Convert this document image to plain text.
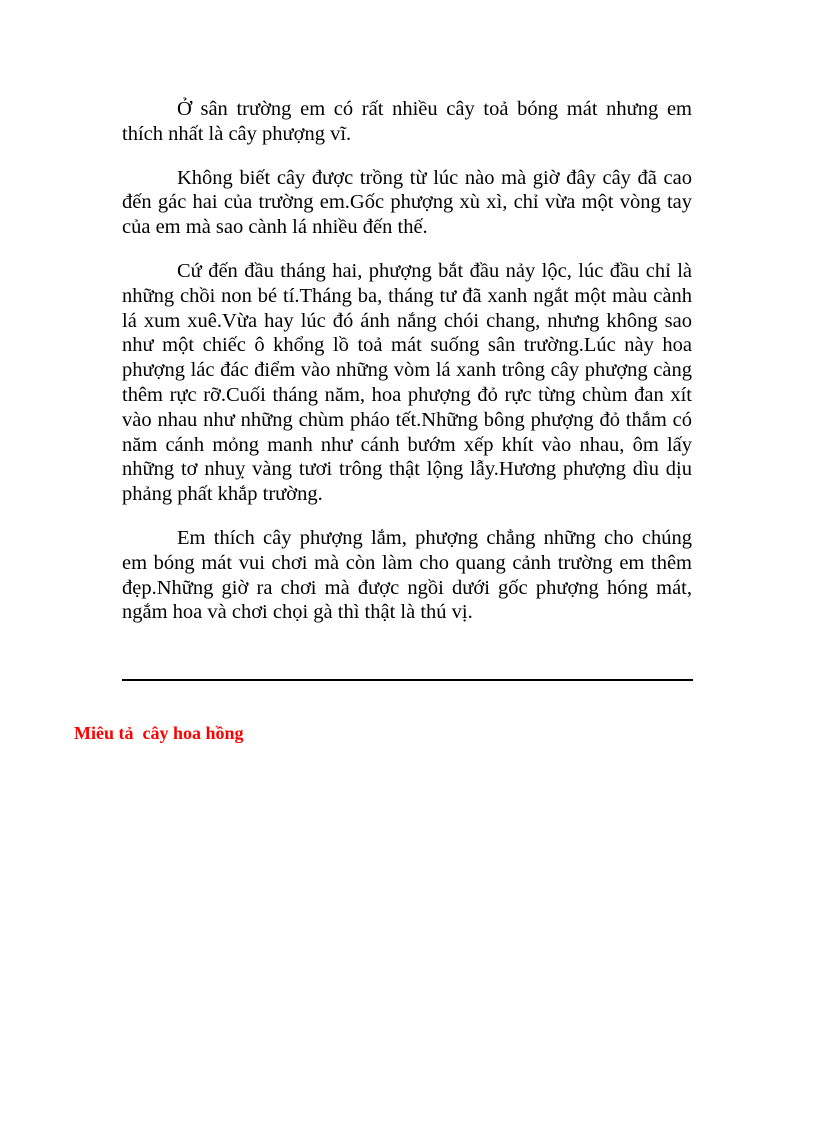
Ở sân trường em có rất nhiều cây toả bóng mát nhưng em thích nhất là cây phượng vĩ.

Không biết cây được trồng từ lúc nào mà giờ đây cây đã cao đến gác hai của trường em.Gốc phượng xù xì, chỉ vừa một vòng tay của em mà sao cành lá nhiều đến thế.

Cứ đến đầu tháng hai, phượng bắt đầu nảy lộc, lúc đầu chỉ là những chồi non bé tí.Tháng ba, tháng tư đã xanh ngắt một màu cành lá xum xuê.Vừa hay lúc đó ánh nắng chói chang, nhưng không sao như một chiếc ô khổng lồ toả mát suống sân trường.Lúc này hoa phượng lác đác điểm vào những vòm lá xanh trông cây phượng càng thêm rực rỡ.Cuối tháng năm, hoa phượng đỏ rực từng chùm đan xít vào nhau như những chùm pháo tết.Những bông phượng đỏ thắm có năm cánh mỏng manh như cánh bướm xếp khít vào nhau, ôm lấy những tơ nhuỵ vàng tươi trông thật lộng lẫy.Hương phượng dìu dịu phảng phất khắp trường.

Em thích cây phượng lắm, phượng chẳng những cho chúng em bóng mát vui chơi mà còn làm cho quang cảnh trường em thêm đẹp.Những giờ ra chơi mà được ngồi dưới gốc phượng hóng mát, ngắm hoa và chơi chọi gà thì thật là thú vị.

Miêu tả  cây hoa hồng
